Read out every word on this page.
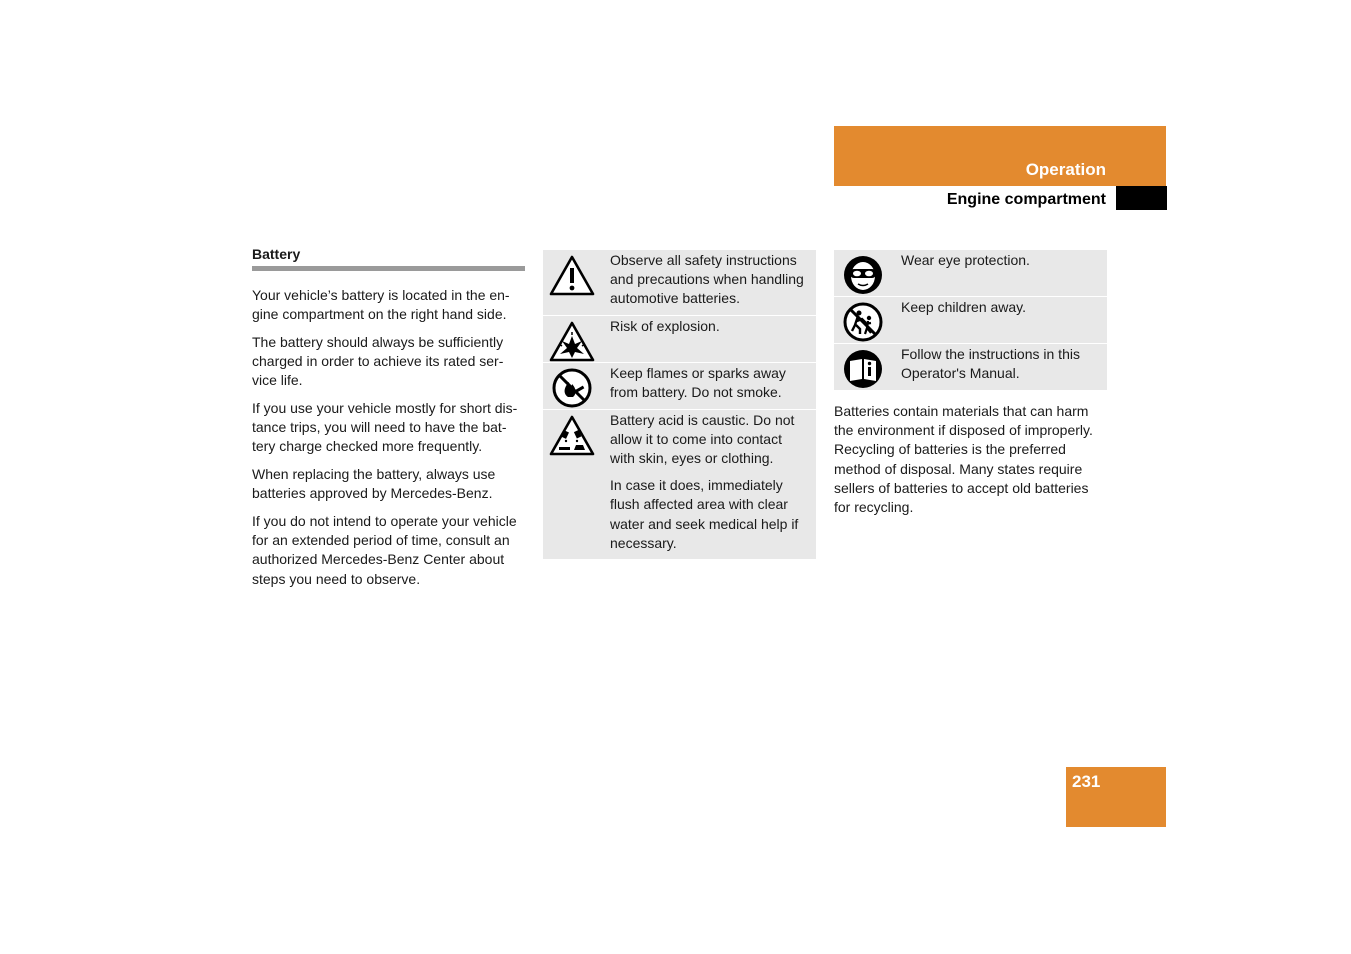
Operation
Engine compartment
Battery

Your vehicle’s battery is located in the en-gine compartment on the right hand side.

The battery should always be sufficiently charged in order to achieve its rated ser-vice life.

If you use your vehicle mostly for short dis-tance trips, you will need to have the bat-tery charge checked more frequently.

When replacing the battery, always use batteries approved by Mercedes-Benz.

If you do not intend to operate your vehicle for an extended period of time, consult an authorized Mercedes-Benz Center about steps you need to observe.

Observe all safety instructions and precautions when handling automotive batteries.

Risk of explosion.

Keep flames or sparks away from battery. Do not smoke.

Battery acid is caustic. Do not allow it to come into contact with skin, eyes or clothing.

In case it does, immediately flush affected area with clear water and seek medical help if necessary.

Wear eye protection.

Keep children away.

Follow the instructions in this Operator's Manual.

Batteries contain materials that can harm the environment if disposed of improperly. Recycling of batteries is the preferred method of disposal. Many states require sellers of batteries to accept old batteries for recycling.

231
